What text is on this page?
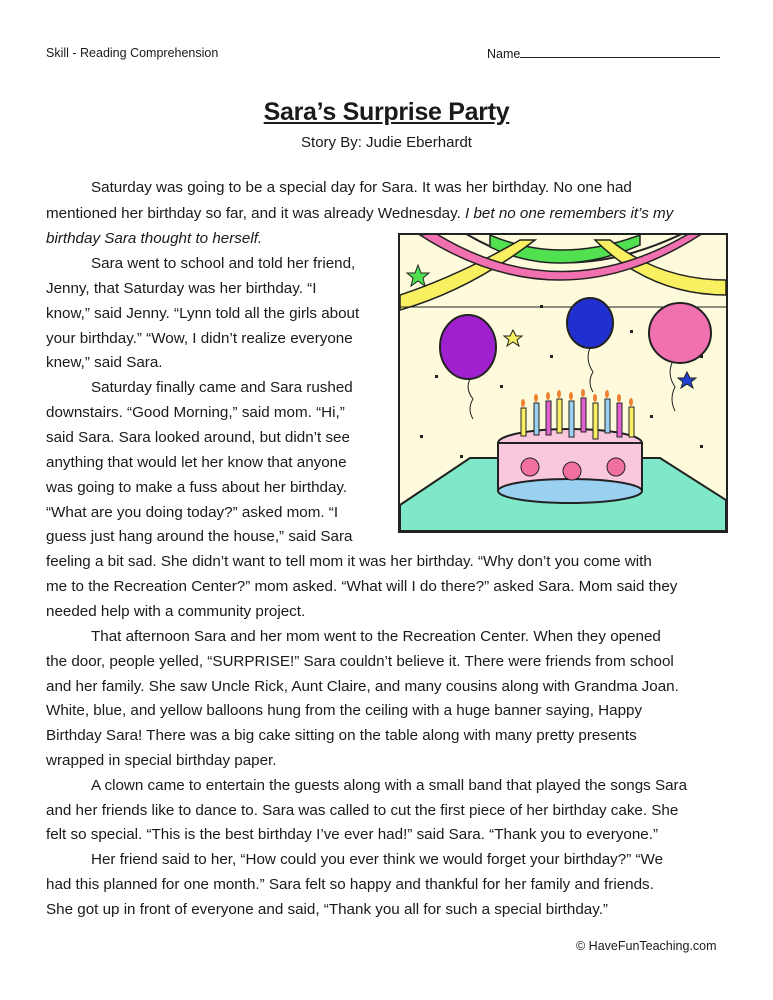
Skill - Reading Comprehension	Name
Sara’s Surprise Party
Story By: Judie Eberhardt
Saturday was going to be a special day for Sara. It was her birthday. No one had
mentioned her birthday so far, and it was already Wednesday. I bet no one remembers it’s my
birthday Sara thought to herself.
Sara went to school and told her friend,
Jenny, that Saturday was her birthday. “I
know,” said Jenny. “Lynn told all the girls about
your birthday.” “Wow, I didn’t realize everyone
knew,” said Sara.
Saturday finally came and Sara rushed
downstairs. “Good Morning,” said mom. “Hi,”
said Sara. Sara looked around, but didn’t see
anything that would let her know that anyone
was going to make a fuss about her birthday.
“What are you doing today?” asked mom. “I
guess just hang around the house,” said Sara
feeling a bit sad. She didn’t want to tell mom it was her birthday. “Why don’t you come with
me to the Recreation Center?” mom asked. “What will I do there?” asked Sara. Mom said they
needed help with a community project.
That afternoon Sara and her mom went to the Recreation Center. When they opened
the door, people yelled, “SURPRISE!” Sara couldn’t believe it. There were friends from school
and her family. She saw Uncle Rick, Aunt Claire, and many cousins along with Grandma Joan.
White, blue, and yellow balloons hung from the ceiling with a huge banner saying, Happy
Birthday Sara! There was a big cake sitting on the table along with many pretty presents
wrapped in special birthday paper.
A clown came to entertain the guests along with a small band that played the songs Sara
and her friends like to dance to. Sara was called to cut the first piece of her birthday cake. She
felt so special. “This is the best birthday I’ve ever had!” said Sara. “Thank you to everyone.”
Her friend said to her, “How could you ever think we would forget your birthday?” “We
had this planned for one month.” Sara felt so happy and thankful for her family and friends.
She got up in front of everyone and said, “Thank you all for such a special birthday.”
© HaveFunTeaching.com
